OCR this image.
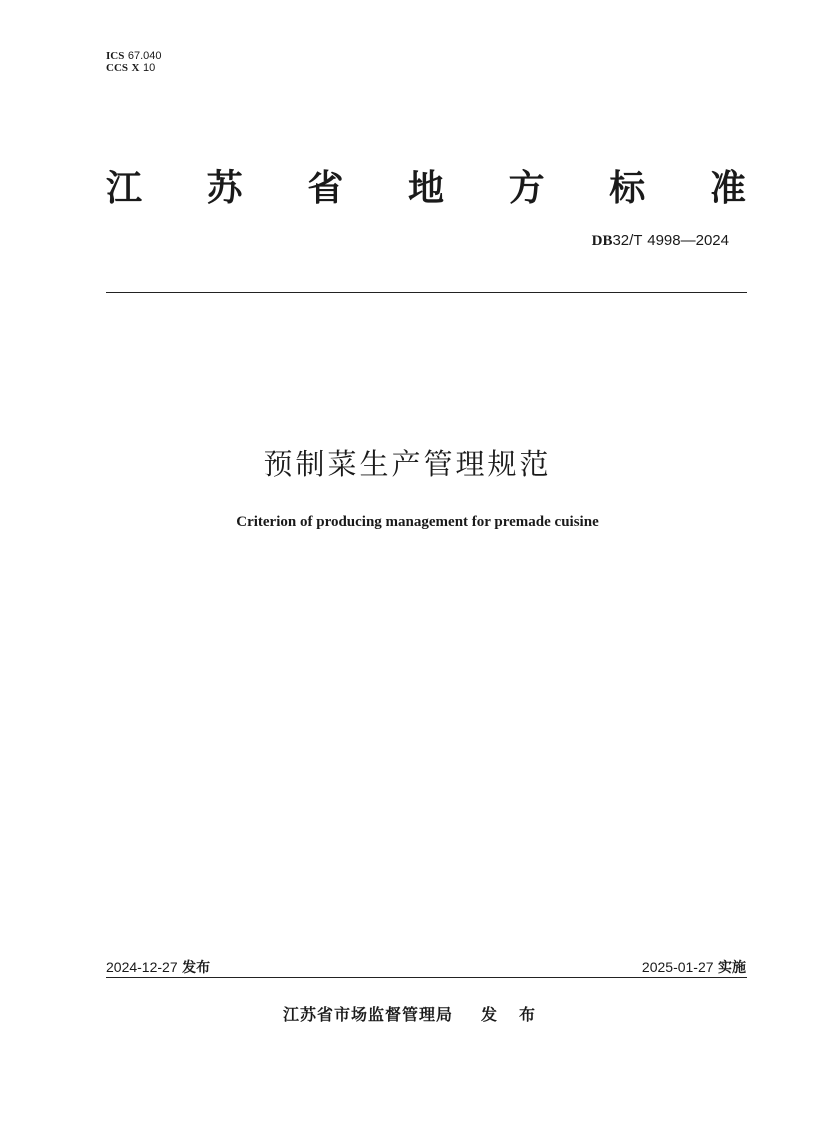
ICS 67.040
CCS X 10
江 苏 省 地 方 标 准
DB32/T 4998—2024
预制菜生产管理规范
Criterion of producing management for premade cuisine
2024-12-27 发布	2025-01-27 实施
江苏省市场监督管理局 发布
